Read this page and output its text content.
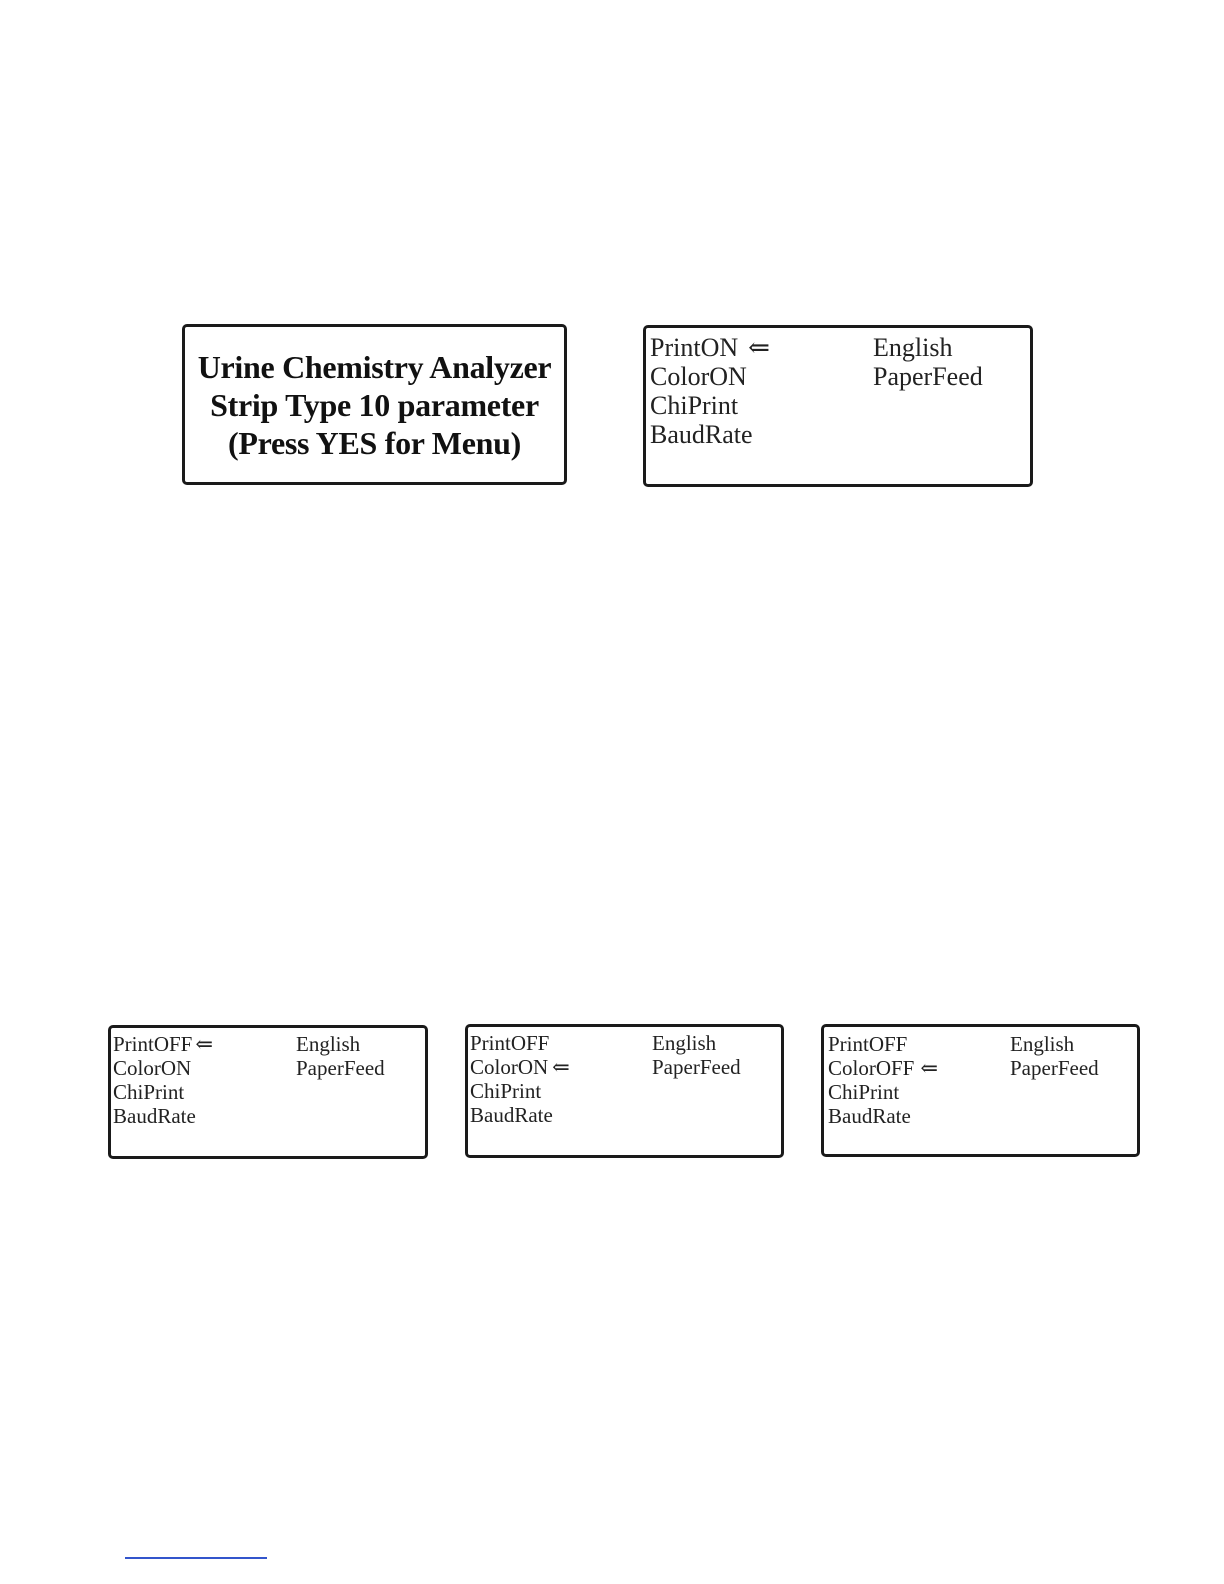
Urine Chemistry Analyzer
Strip Type 10 parameter
(Press YES for Menu)
PrintON ⇐
ColorON
ChiPrint
BaudRate
English
PaperFeed
PrintOFF ⇐
ColorON
ChiPrint
BaudRate
English
PaperFeed
PrintOFF
ColorON ⇐
ChiPrint
BaudRate
English
PaperFeed
PrintOFF
ColorOFF ⇐
ChiPrint
BaudRate
English
PaperFeed
